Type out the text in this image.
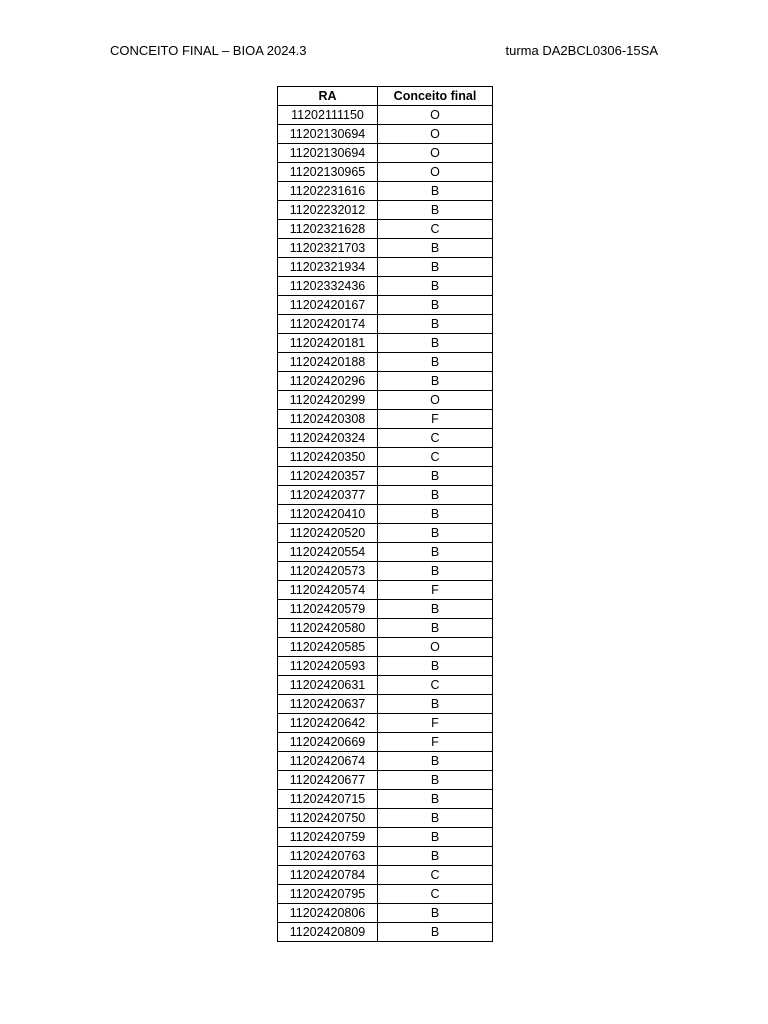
CONCEITO FINAL – BIOA 2024.3	turma DA2BCL0306-15SA
RA	Conceito final
11202111150	O
11202130694	O
11202130694	O
11202130965	O
11202231616	B
11202232012	B
11202321628	C
11202321703	B
11202321934	B
11202332436	B
11202420167	B
11202420174	B
11202420181	B
11202420188	B
11202420296	B
11202420299	O
11202420308	F
11202420324	C
11202420350	C
11202420357	B
11202420377	B
11202420410	B
11202420520	B
11202420554	B
11202420573	B
11202420574	F
11202420579	B
11202420580	B
11202420585	O
11202420593	B
11202420631	C
11202420637	B
11202420642	F
11202420669	F
11202420674	B
11202420677	B
11202420715	B
11202420750	B
11202420759	B
11202420763	B
11202420784	C
11202420795	C
11202420806	B
11202420809	B
